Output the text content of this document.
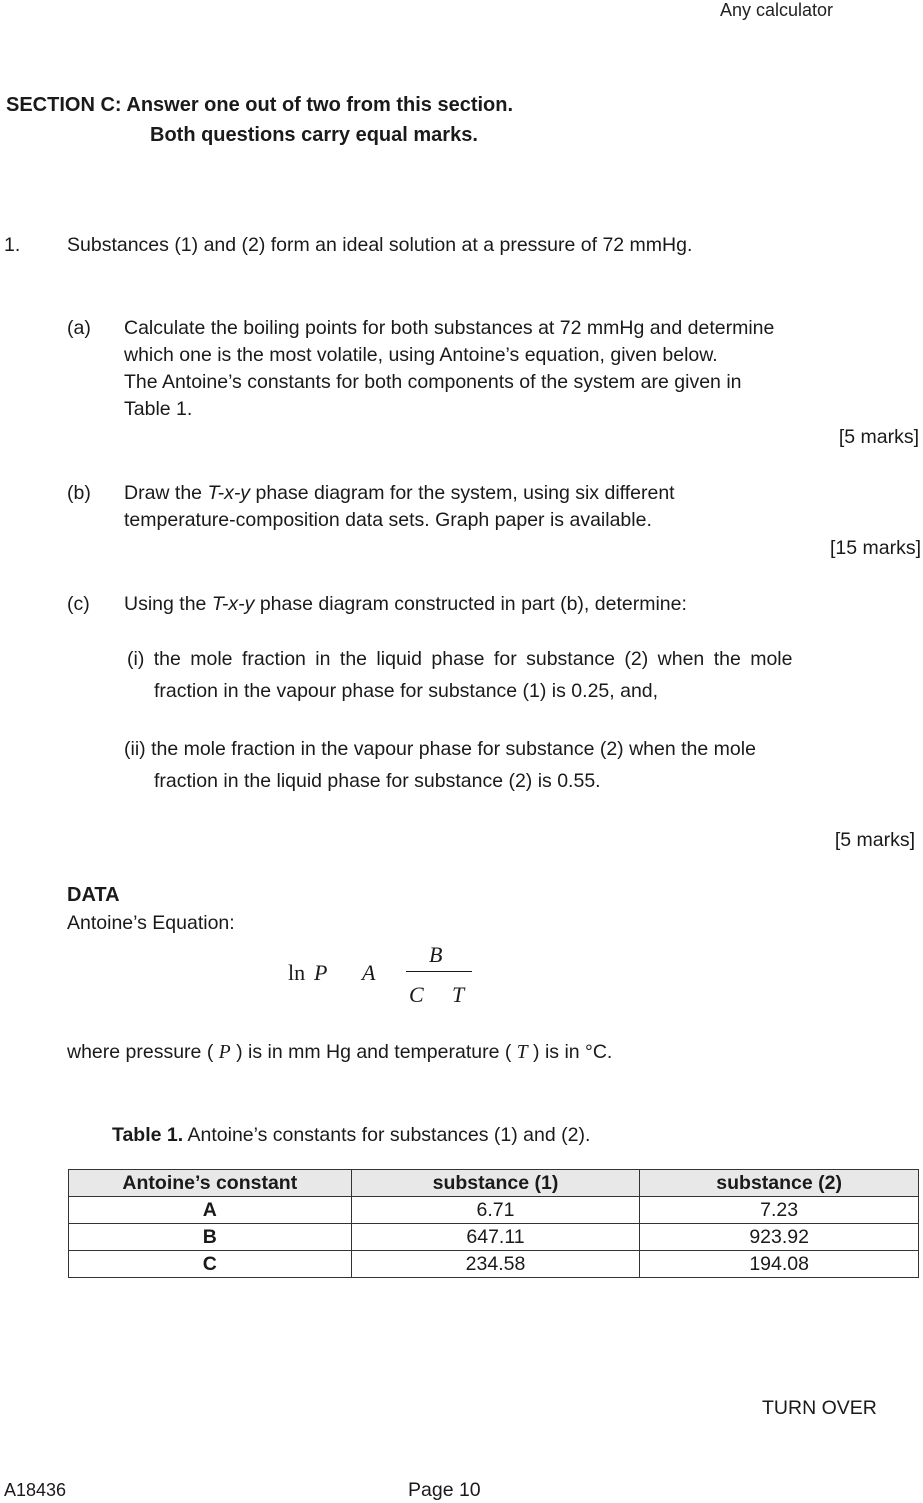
Any calculator
SECTION C: Answer one out of two from this section.
Both questions carry equal marks.
1. Substances (1) and (2) form an ideal solution at a pressure of 72 mmHg.
(a) Calculate the boiling points for both substances at 72 mmHg and determine
which one is the most volatile, using Antoine’s equation, given below.
The Antoine’s constants for both components of the system are given in
Table 1.
[5 marks]
(b) Draw the T-x-y phase diagram for the system, using six different
temperature-composition data sets. Graph paper is available.
[15 marks]
(c) Using the T-x-y phase diagram constructed in part (b), determine:
(i) the mole fraction in the liquid phase for substance (2) when the mole
fraction in the vapour phase for substance (1) is 0.25, and,
(ii) the mole fraction in the vapour phase for substance (2) when the mole
fraction in the liquid phase for substance (2) is 0.55.
[5 marks]
DATA
Antoine’s Equation:
ln P A
B
C T
where pressure ( P ) is in mm Hg and temperature ( T ) is in °C.
Table 1. Antoine’s constants for substances (1) and (2).
Antoine’s constant	substance (1)	substance (2)
A	6.71	7.23
B	647.11	923.92
C	234.58	194.08
TURN OVER
A18436	Page 10
